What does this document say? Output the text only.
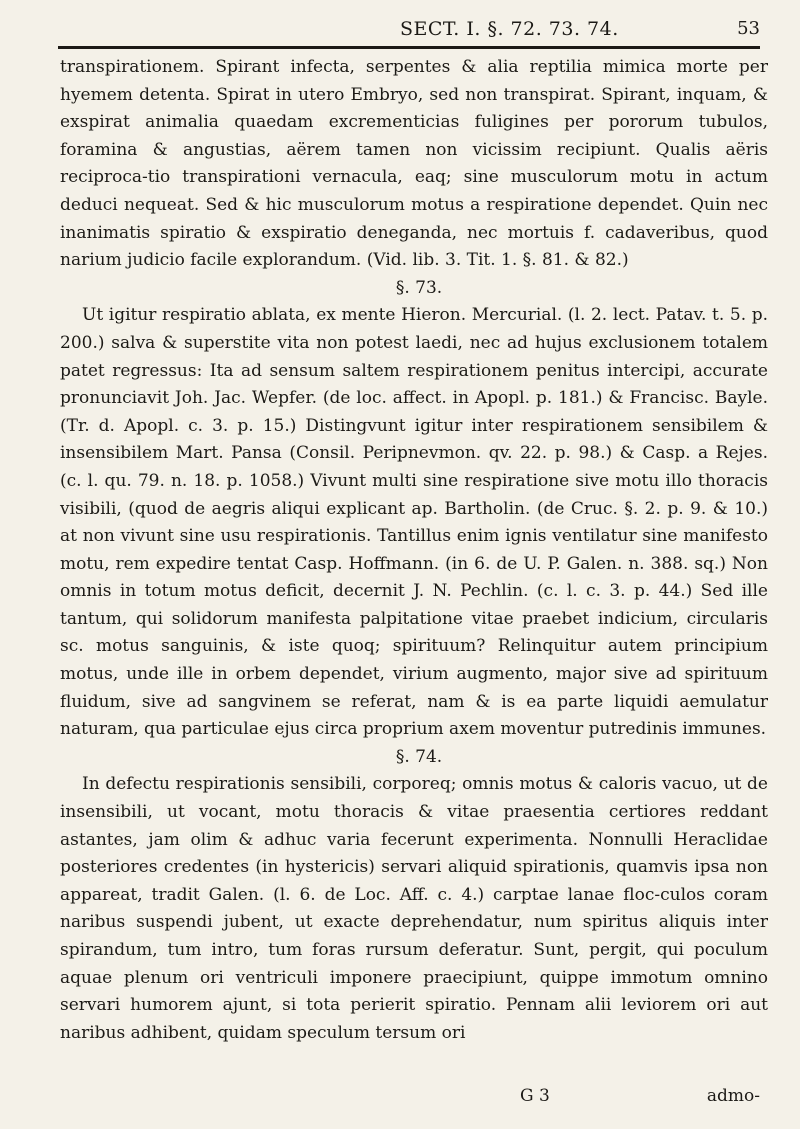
SECT. I. §. 72. 73. 74.	53

transpirationem. Spirant infecta, serpentes & alia reptilia mimica morte per hyemem detenta. Spirat in utero Embryo, sed non transpirat. Spirant, inquam, & exspirat animalia quaedam excrementicias fuligines per pororum tubulos, foramina & angustias, aërem tamen non vicissim recipiunt. Qualis aëris reciproca-tio transpirationi vernacula, eaq; sine musculorum motu in actum deduci nequeat. Sed & hic musculorum motus a respiratione dependet. Quin nec inanimatis spiratio & exspiratio deneganda, nec mortuis f. cadaveribus, quod narium judicio facile explorandum. (Vid. lib. 3. Tit. 1. §. 81. & 82.)

§. 73.

Ut igitur respiratio ablata, ex mente Hieron. Mercurial. (l. 2. lect. Patav. t. 5. p. 200.) salva & superstite vita non potest laedi, nec ad hujus exclusionem totalem patet regressus: Ita ad sensum saltem respirationem penitus intercipi, accurate pronunciavit Joh. Jac. Wepfer. (de loc. affect. in Apopl. p. 181.) & Francisc. Bayle. (Tr. d. Apopl. c. 3. p. 15.) Distingvunt igitur inter respirationem sensibilem & insensibilem Mart. Pansa (Consil. Peripnevmon. qv. 22. p. 98.) & Casp. a Rejes. (c. l. qu. 79. n. 18. p. 1058.) Vivunt multi sine respiratione sive motu illo thoracis visibili, (quod de aegris aliqui explicant ap. Bartholin. (de Cruc. §. 2. p. 9. & 10.) at non vivunt sine usu respirationis. Tantillus enim ignis ventilatur sine manifesto motu, rem expedire tentat Casp. Hoffmann. (in 6. de U. P. Galen. n. 388. sq.) Non omnis in totum motus deficit, decernit J. N. Pechlin. (c. l. c. 3. p. 44.) Sed ille tantum, qui solidorum manifesta palpitatione vitae praebet indicium, circularis sc. motus sanguinis, & iste quoq; spirituum? Relinquitur autem principium motus, unde ille in orbem dependet, virium augmento, major sive ad spirituum fluidum, sive ad sangvinem se referat, nam & is ea parte liquidi aemulatur naturam, qua particulae ejus circa proprium axem moventur putredinis immunes.

§. 74.

In defectu respirationis sensibili, corporeq; omnis motus & caloris vacuo, ut de insensibili, ut vocant, motu thoracis & vitae praesentia certiores reddant astantes, jam olim & adhuc varia fecerunt experimenta. Nonnulli Heraclidae posteriores credentes (in hystericis) servari aliquid spirationis, quamvis ipsa non appareat, tradit Galen. (l. 6. de Loc. Aff. c. 4.) carptae lanae floc-culos coram naribus suspendi jubent, ut exacte deprehendatur, num spiritus aliquis inter spirandum, tum intro, tum foras rursum deferatur. Sunt, pergit, qui poculum aquae plenum ori ventriculi imponere praecipiunt, quippe immotum omnino servari humorem ajunt, si tota perierit spiratio. Pennam alii leviorem ori aut naribus adhibent, quidam speculum tersum ori

G 3	admo-
